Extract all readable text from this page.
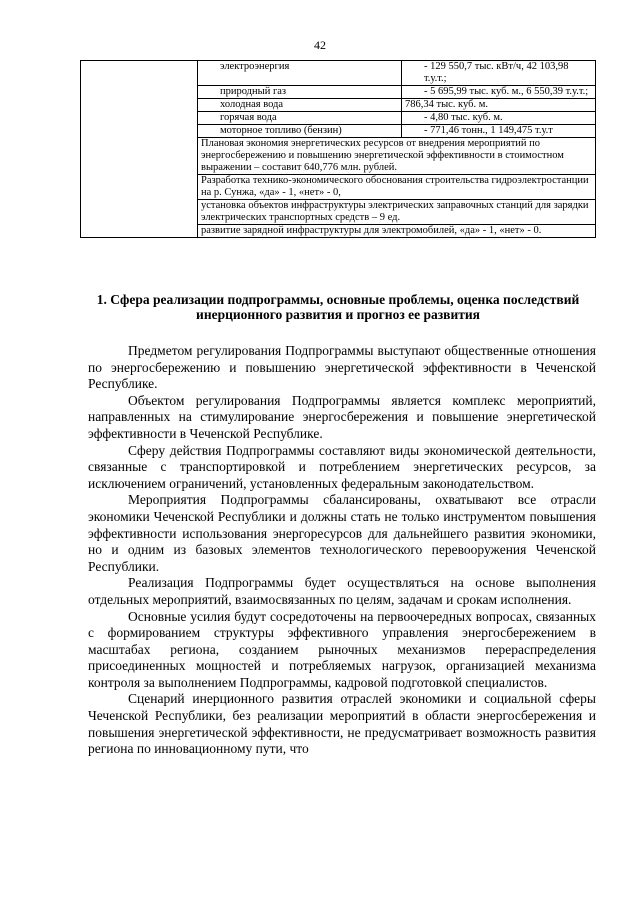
42
	электроэнергия	- 129 550,7 тыс. кВт/ч, 42 103,98 т.у.т.;
	природный газ	- 5 695,99 тыс. куб. м., 6 550,39 т.у.т.;
	холодная вода	786,34 тыс. куб. м.
	горячая вода	- 4,80 тыс. куб. м.
	моторное топливо (бензин)	- 771,46 тонн., 1 149,475 т.у.т
	Плановая экономия энергетических ресурсов от внедрения мероприятий по энергосбережению и повышению энергетической эффективности в стоимостном выражении – составит 640,776 млн. рублей.	
	Разработка технико-экономического обоснования строительства гидроэлектростанции на р. Сунжа, «да» - 1, «нет» - 0,	
	установка объектов инфраструктуры электрических заправочных станций для зарядки электрических транспортных средств – 9 ед.	
	развитие зарядной инфраструктуры для электромобилей, «да» - 1, «нет» - 0.	
1. Сфера реализации подпрограммы, основные проблемы, оценка последствий инерционного развития и прогноз ее развития

Предметом регулирования Подпрограммы выступают общественные отношения по энергосбережению и повышению энергетической эффективности в Чеченской Республике.

Объектом регулирования Подпрограммы является комплекс мероприятий, направленных на стимулирование энергосбережения и повышение энергетической эффективности в Чеченской Республике.

Сферу действия Подпрограммы составляют виды экономической деятельности, связанные с транспортировкой и потреблением энергетических ресурсов, за исключением ограничений, установленных федеральным законодательством.

Мероприятия Подпрограммы сбалансированы, охватывают все отрасли экономики Чеченской Республики и должны стать не только инструментом повышения эффективности использования энергоресурсов для дальнейшего развития экономики, но и одним из базовых элементов технологического перевооружения Чеченской Республики.

Реализация Подпрограммы будет осуществляться на основе выполнения отдельных мероприятий, взаимосвязанных по целям, задачам и срокам исполнения.

Основные усилия будут сосредоточены на первоочередных вопросах, связанных с формированием структуры эффективного управления энергосбережением в масштабах региона, созданием рыночных механизмов перераспределения присоединенных мощностей и потребляемых нагрузок, организацией механизма контроля за выполнением Подпрограммы, кадровой подготовкой специалистов.

Сценарий инерционного развития отраслей экономики и социальной сферы Чеченской Республики, без реализации мероприятий в области энергосбережения и повышения энергетической эффективности, не предусматривает возможность развития региона по инновационному пути, что
